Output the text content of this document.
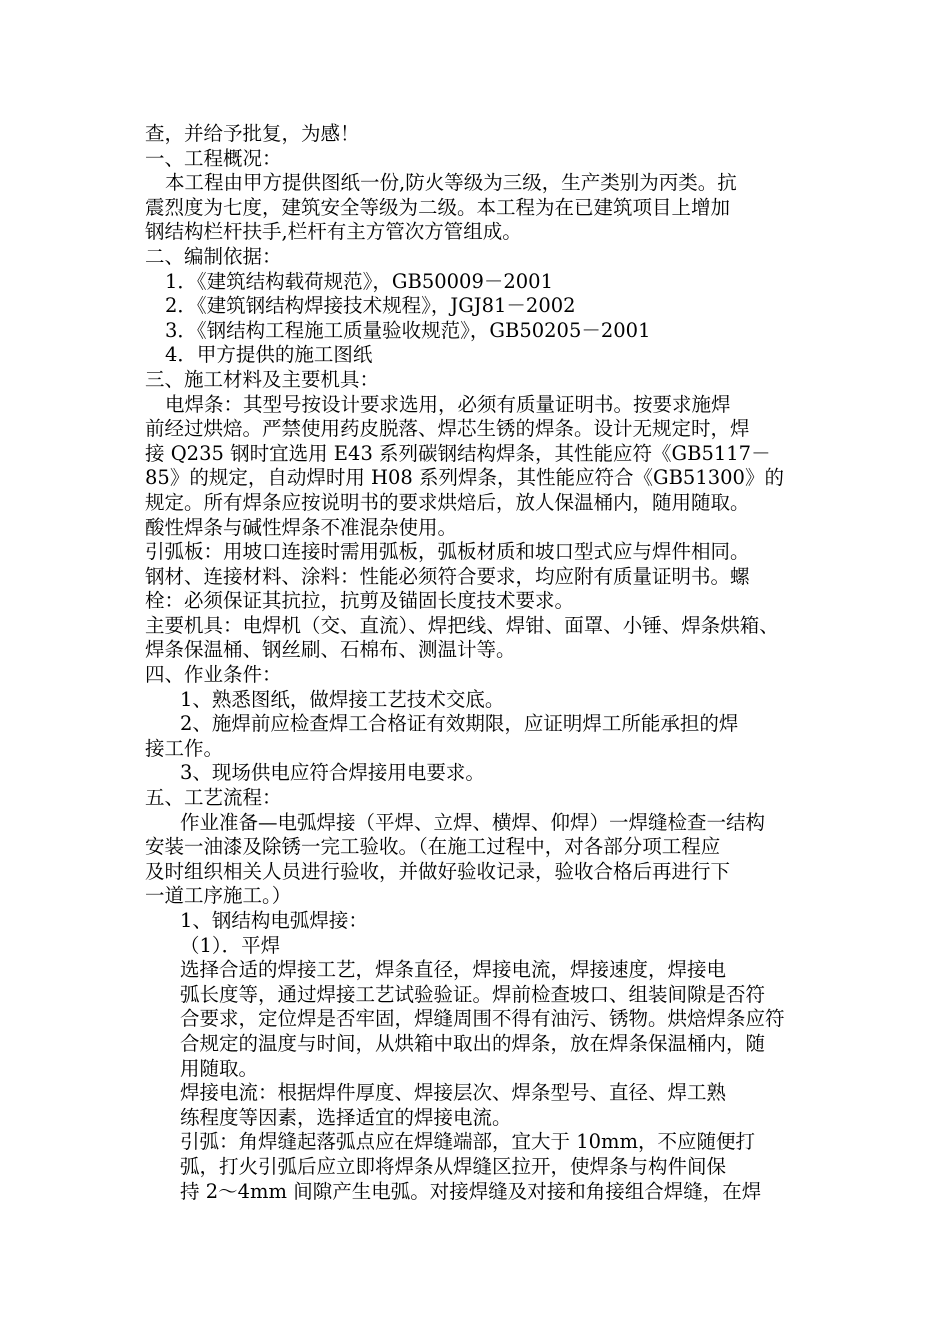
查，并给予批复，为感！
一、工程概况：
本工程由甲方提供图纸一份,防火等级为三级，生产类别为丙类。抗
震烈度为七度，建筑安全等级为二级。本工程为在已建筑项目上增加
钢结构栏杆扶手,栏杆有主方管次方管组成。
二、编制依据：
1．《建筑结构载荷规范》，GB50009－2001
2．《建筑钢结构焊接技术规程》，JGJ81－2002
3．《钢结构工程施工质量验收规范》，GB50205－2001
4．甲方提供的施工图纸
三、施工材料及主要机具：
电焊条：其型号按设计要求选用，必须有质量证明书。按要求施焊
前经过烘焙。严禁使用药皮脱落、焊芯生锈的焊条。设计无规定时，焊
接 Q235 钢时宜选用 E43 系列碳钢结构焊条，其性能应符《GB5117－
85》的规定，自动焊时用 H08 系列焊条，其性能应符合《GB51300》的
规定。所有焊条应按说明书的要求烘焙后，放人保温桶内，随用随取。
酸性焊条与碱性焊条不准混杂使用。
引弧板：用坡口连接时需用弧板，弧板材质和坡口型式应与焊件相同。
钢材、连接材料、涂料：性能必须符合要求，均应附有质量证明书。螺
栓：必须保证其抗拉，抗剪及锚固长度技术要求。
主要机具：电焊机（交、直流）、焊把线、焊钳、面罩、小锤、焊条烘箱、
焊条保温桶、钢丝刷、石棉布、测温计等。
四、作业条件：
1、熟悉图纸，做焊接工艺技术交底。
2、施焊前应检查焊工合格证有效期限，应证明焊工所能承担的焊
接工作。
3、现场供电应符合焊接用电要求。
五、工艺流程：
作业准备—电弧焊接（平焊、立焊、横焊、仰焊）一焊缝检查一结构
安装一油漆及除锈一完工验收。（在施工过程中，对各部分项工程应
及时组织相关人员进行验收，并做好验收记录，验收合格后再进行下
一道工序施工。）
1、钢结构电弧焊接：
（1）．平焊
选择合适的焊接工艺，焊条直径，焊接电流，焊接速度，焊接电
弧长度等，通过焊接工艺试验验证。焊前检查坡口、组装间隙是否符
合要求，定位焊是否牢固，焊缝周围不得有油污、锈物。烘焙焊条应符
合规定的温度与时间，从烘箱中取出的焊条，放在焊条保温桶内，随
用随取。
焊接电流：根据焊件厚度、焊接层次、焊条型号、直径、焊工熟
练程度等因素，选择适宜的焊接电流。
引弧：角焊缝起落弧点应在焊缝端部，宜大于 10mm，不应随便打
弧，打火引弧后应立即将焊条从焊缝区拉开，使焊条与构件间保
持 2～4mm 间隙产生电弧。对接焊缝及对接和角接组合焊缝，在焊
